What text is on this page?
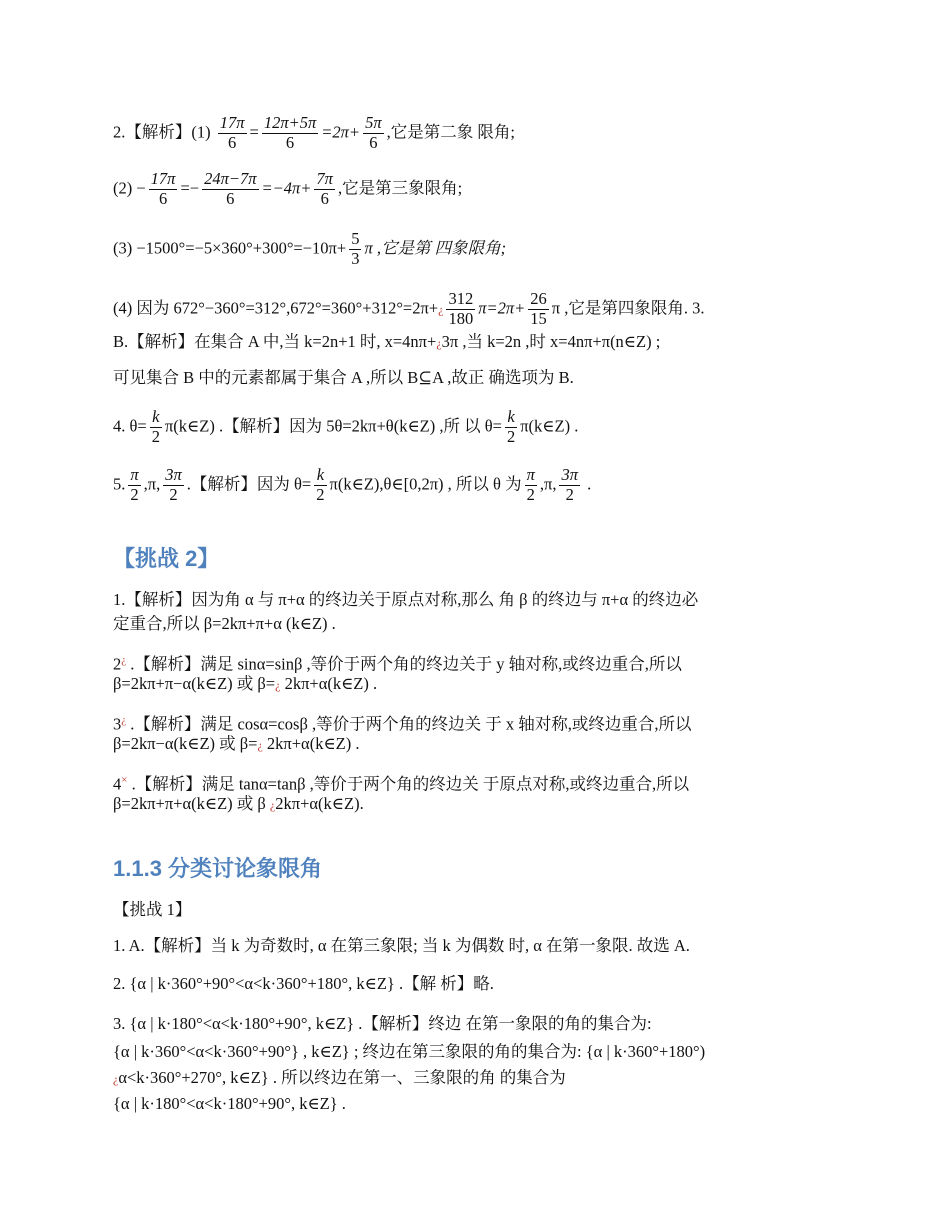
2.【解析】$(1) \frac{17\pi}{6} = \frac{12\pi+5\pi}{6} =2\pi+ \frac{5\pi}{6}$ ,它是第二象 限角;
$(2) - \frac{17\pi}{6} =- \frac{24\pi-7\pi}{6} =-4\pi+ \frac{7\pi}{6}$ ,它是第三象限角;
$(3) -1500^\circ=-5\times 360^\circ+300^\circ=-10\pi+ \frac{5}{3}$ π ,它是第 四象限角;
(4) 因为 672°−360°=312°,672°=360°+312°=2π+¿ $\frac{312}{180} \pi=2\pi+ \frac{26}{15}$ π ,它是第四象限角. 3.
B.【解析】在集合 A 中,当 k=2n+1 时, x=4nπ+¿3π ,当 k=2n ,时 x=4nπ+π(n∈Z) ;
可见集合 B 中的元素都属于集合 A ,所以 B⊆A ,故正 确选项为 B.
4. $\theta= \frac{k}{2}$ π(k∈Z) .【解析】因为 5θ=2kπ+θ(k∈Z) ,所 以 $\theta= \frac{k}{2}$ π(k∈Z) .
5. $\frac{\pi}{2} ,\pi$, $\frac{3\pi}{2}$ .【解析】因为 $\theta= \frac{k}{2}$ π(k∈Z),θ∈[0,2π) , 所以 θ 为 $\frac{\pi}{2} ,\pi$, $\frac{3\pi}{2}$ .
【挑战 2】
1.【解析】因为角 α 与 π+α 的终边关于原点对称,那么 角 β 的终边与 π+α 的终边必
定重合,所以 β=2kπ+π+α (k∈Z) .
2¿ .【解析】满足 sinα=sinβ ,等价于两个角的终边关于 y 轴对称,或终边重合,所以
β=2kπ+π−α(k∈Z) 或 β=¿ 2kπ+α(k∈Z) .
3¿ .【解析】满足 cosα=cosβ ,等价于两个角的终边关 于 x 轴对称,或终边重合,所以
β=2kπ−α(k∈Z) 或 β=¿ 2kπ+α(k∈Z) .
4× .【解析】满足 tanα=tanβ ,等价于两个角的终边关 于原点对称,或终边重合,所以
β=2kπ+π+α(k∈Z) 或 β ¿2kπ+α(k∈Z).
1.1.3 分类讨论象限角
【挑战 1】
1. A.【解析】当 k 为奇数时, α 在第三象限; 当 k 为偶数 时, α 在第一象限. 故选 A.
2. {α | k·360°+90°<α<k·360°+180°, k∈Z} .【解 析】略.
3. {α | k·180°<α<k·180°+90°, k∈Z} .【解析】终边 在第一象限的角的集合为:
{α | k·360°<α<k·360°+90°} , k∈Z} ; 终边在第三象限的角的集合为: {α | k·360°+180°)
¿α<k·360°+270°, k∈Z} . 所以终边在第一、三象限的角 的集合为
{α | k·180°<α<k·180°+90°, k∈Z} .
